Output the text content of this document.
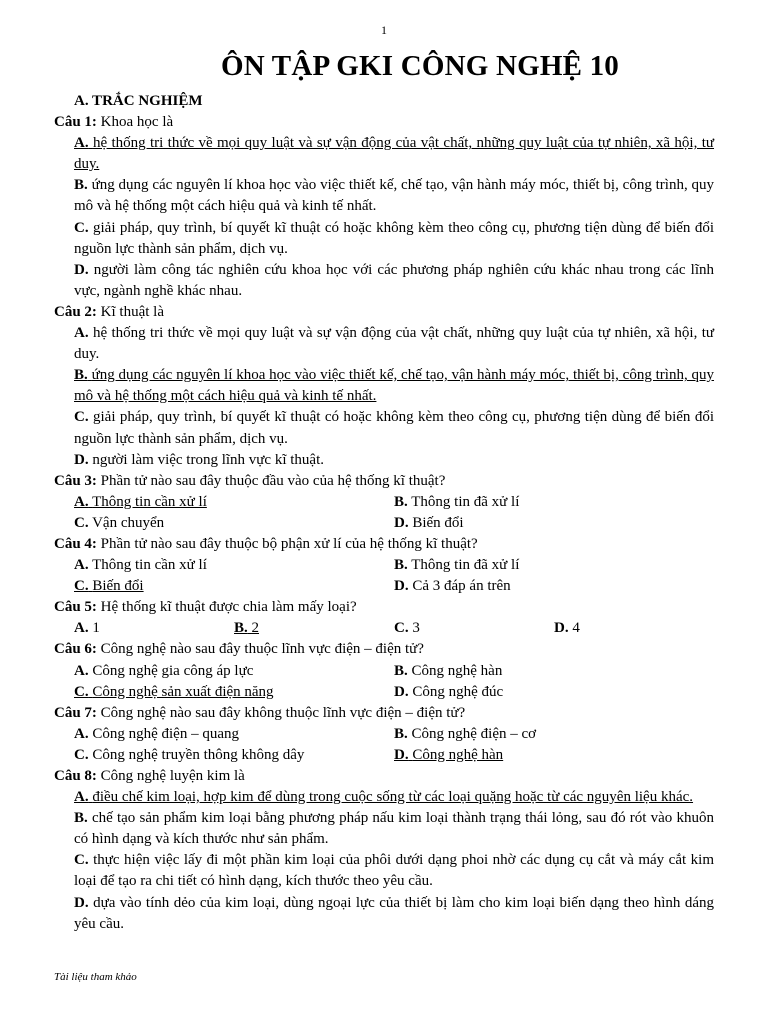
1
ÔN TẬP GKI CÔNG NGHỆ 10
A. TRẮC NGHIỆM
Câu 1: Khoa học là
A. hệ thống tri thức về mọi quy luật và sự vận động của vật chất, những quy luật của tự nhiên, xã hội, tư duy.
B. ứng dụng các nguyên lí khoa học vào việc thiết kế, chế tạo, vận hành máy móc, thiết bị, công trình, quy mô và hệ thống một cách hiệu quả và kinh tế nhất.
C. giải pháp, quy trình, bí quyết kĩ thuật có hoặc không kèm theo công cụ, phương tiện dùng để biến đổi nguồn lực thành sản phẩm, dịch vụ.
D. người làm công tác nghiên cứu khoa học với các phương pháp nghiên cứu khác nhau trong các lĩnh vực, ngành nghề khác nhau.
Câu 2: Kĩ thuật là
A. hệ thống tri thức về mọi quy luật và sự vận động của vật chất, những quy luật của tự nhiên, xã hội, tư duy.
B. ứng dụng các nguyên lí khoa học vào việc thiết kế, chế tạo, vận hành máy móc, thiết bị, công trình, quy mô và hệ thống một cách hiệu quả và kinh tế nhất.
C. giải pháp, quy trình, bí quyết kĩ thuật có hoặc không kèm theo công cụ, phương tiện dùng để biến đổi nguồn lực thành sản phẩm, dịch vụ.
D. người làm việc trong lĩnh vực kĩ thuật.
Câu 3: Phần tử nào sau đây thuộc đầu vào của hệ thống kĩ thuật?
A. Thông tin cần xử lí	B. Thông tin đã xử lí
C. Vận chuyển	D. Biến đổi
Câu 4: Phần tử nào sau đây thuộc bộ phận xử lí của hệ thống kĩ thuật?
A. Thông tin cần xử lí	B. Thông tin đã xử lí
C. Biến đổi	D. Cả 3 đáp án trên
Câu 5: Hệ thống kĩ thuật được chia làm mấy loại?
A. 1	B. 2	C. 3	D. 4
Câu 6: Công nghệ nào sau đây thuộc lĩnh vực điện – điện tử?
A. Công nghệ gia công áp lực	B. Công nghệ hàn
C. Công nghệ sản xuất điện năng	D. Công nghệ đúc
Câu 7: Công nghệ nào sau đây không thuộc lĩnh vực điện – điện tử?
A. Công nghệ điện – quang	B. Công nghệ điện – cơ
C. Công nghệ truyền thông không dây	D. Công nghệ hàn
Câu 8: Công nghệ luyện kim là
A. điều chế kim loại, hợp kim để dùng trong cuộc sống từ các loại quặng hoặc từ các nguyên liệu khác.
B. chế tạo sản phẩm kim loại bằng phương pháp nấu kim loại thành trạng thái lỏng, sau đó rót vào khuôn có hình dạng và kích thước như sản phẩm.
C. thực hiện việc lấy đi một phần kim loại của phôi dưới dạng phoi nhờ các dụng cụ cắt và máy cắt kim loại để tạo ra chi tiết có hình dạng, kích thước theo yêu cầu.
D. dựa vào tính dẻo của kim loại, dùng ngoại lực của thiết bị làm cho kim loại biến dạng theo hình dáng yêu cầu.
Tài liệu tham khảo
